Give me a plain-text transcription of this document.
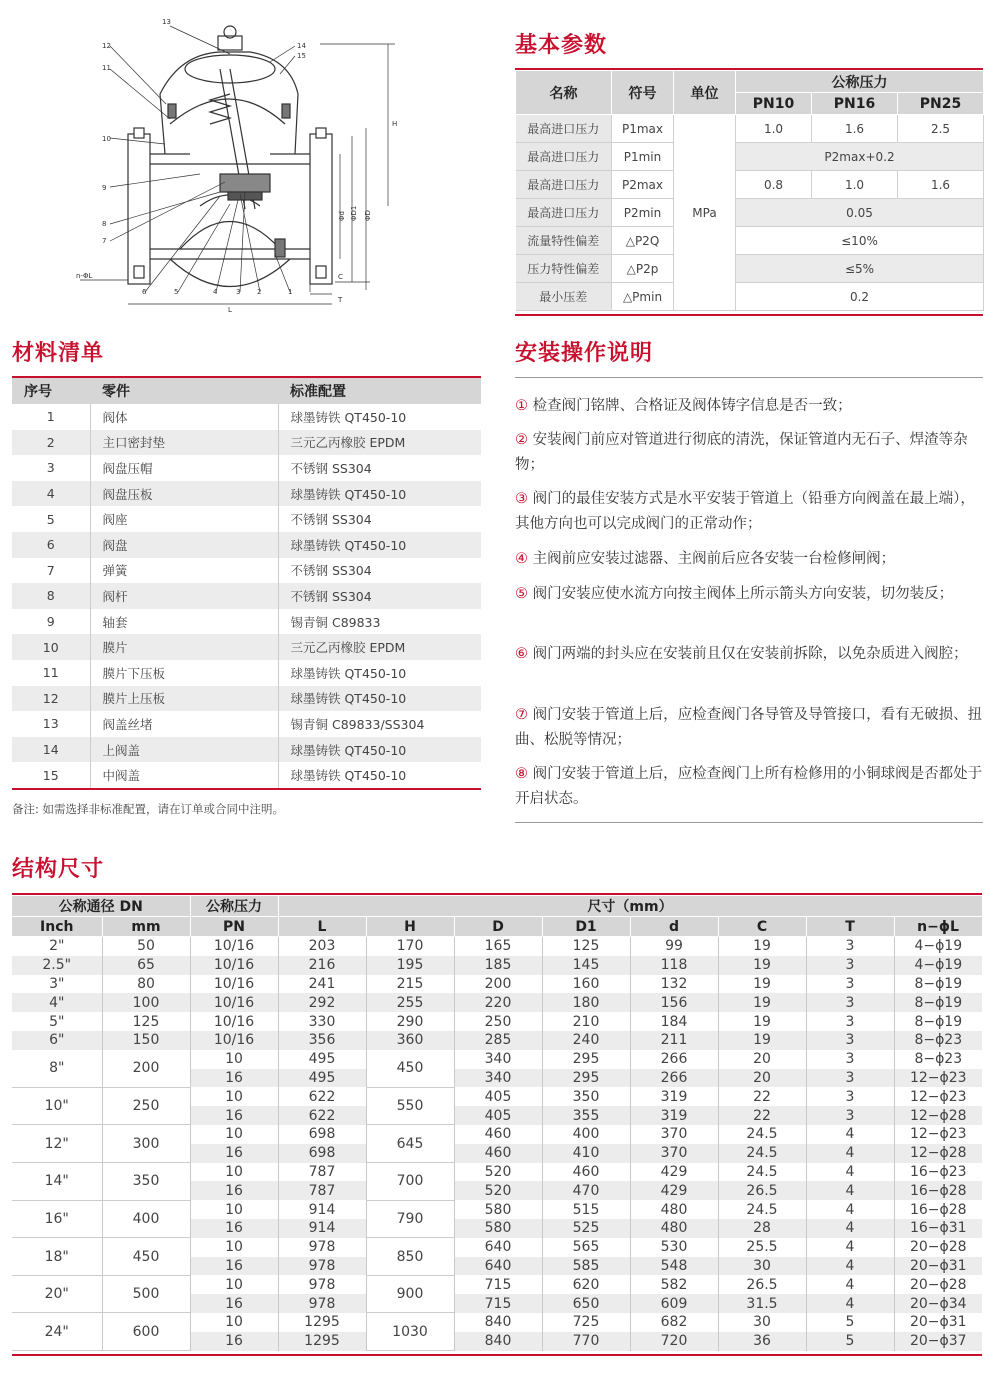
13
12
11
10
9
8
7
6	5	4	3 2
14
15
1
n-ΦL
L
C
T
H
Φd ΦD1 ΦD
基本参数
名称	符号	单位	公称压力		
			PN10	PN16	PN25
最高进口压力	P1max	MPa	1.0	1.6	2.5
最高进口压力	P1min		P2max+0.2		
最高进口压力	P2max		0.8	1.0	1.6
最高进口压力	P2min		0.05		
流量特性偏差	△P2Q		≤10%		
压力特性偏差	△P2p		≤5%		
最小压差	△Pmin		0.2		
材料清单
序号	零件	标准配置
1	阀体	球墨铸铁 QT450-10
2	主口密封垫	三元乙丙橡胶 EPDM
3	阀盘压帽	不锈钢 SS304
4	阀盘压板	球墨铸铁 QT450-10
5	阀座	不锈钢 SS304
6	阀盘	球墨铸铁 QT450-10
7	弹簧	不锈钢 SS304
8	阀杆	不锈钢 SS304
9	轴套	锡青铜 C89833
10	膜片	三元乙丙橡胶 EPDM
11	膜片下压板	球墨铸铁 QT450-10
12	膜片上压板	球墨铸铁 QT450-10
13	阀盖丝堵	锡青铜 C89833/SS304
14	上阀盖	球墨铸铁 QT450-10
15	中阀盖	球墨铸铁 QT450-10
备注: 如需选择非标准配置，请在订单或合同中注明。
安装操作说明
① 检查阀门铭牌、合格证及阀体铸字信息是否一致；
② 安装阀门前应对管道进行彻底的清洗，保证管道内无石子、焊渣等杂物；
③ 阀门的最佳安装方式是水平安装于管道上（铅垂方向阀盖在最上端），其他方向也可以完成阀门的正常动作；
④ 主阀前应安装过滤器、主阀前后应各安装一台检修闸阀；
⑤ 阀门安装应使水流方向按主阀体上所示箭头方向安装，切勿装反；
⑥ 阀门两端的封头应在安装前且仅在安装前拆除，以免杂质进入阀腔；
⑦ 阀门安装于管道上后，应检查阀门各导管及导管接口，看有无破损、扭曲、松脱等情况；
⑧ 阀门安装于管道上后，应检查阀门上所有检修用的小铜球阀是否都处于开启状态。
结构尺寸
公称通径 DN		公称压力	尺寸（mm）							
Inch	mm	PN	L	H	D	D1	d	C	T	n−ϕL
2"	50	10/16	203	170	165	125	99	19	3	4−ϕ19
2.5"	65	10/16	216	195	185	145	118	19	3	4−ϕ19
3"	80	10/16	241	215	200	160	132	19	3	8−ϕ19
4"	100	10/16	292	255	220	180	156	19	3	8−ϕ19
5"	125	10/16	330	290	250	210	184	19	3	8−ϕ19
6"	150	10/16	356	360	285	240	211	19	3	8−ϕ23
8"	200	10	495	450	340	295	266	20	3	8−ϕ23
		16	495		340	295	266	20	3	12−ϕ23
10"	250	10	622	550	405	350	319	22	3	12−ϕ23
		16	622		405	355	319	22	3	12−ϕ28
12"	300	10	698	645	460	400	370	24.5	4	12−ϕ23
		16	698		460	410	370	24.5	4	12−ϕ28
14"	350	10	787	700	520	460	429	24.5	4	16−ϕ23
		16	787		520	470	429	26.5	4	16−ϕ28
16"	400	10	914	790	580	515	480	24.5	4	16−ϕ28
		16	914		580	525	480	28	4	16−ϕ31
18"	450	10	978	850	640	565	530	25.5	4	20−ϕ28
		16	978		640	585	548	30	4	20−ϕ31
20"	500	10	978	900	715	620	582	26.5	4	20−ϕ28
		16	978		715	650	609	31.5	4	20−ϕ34
24"	600	10	1295	1030	840	725	682	30	5	20−ϕ31
		16	1295		840	770	720	36	5	20−ϕ37
